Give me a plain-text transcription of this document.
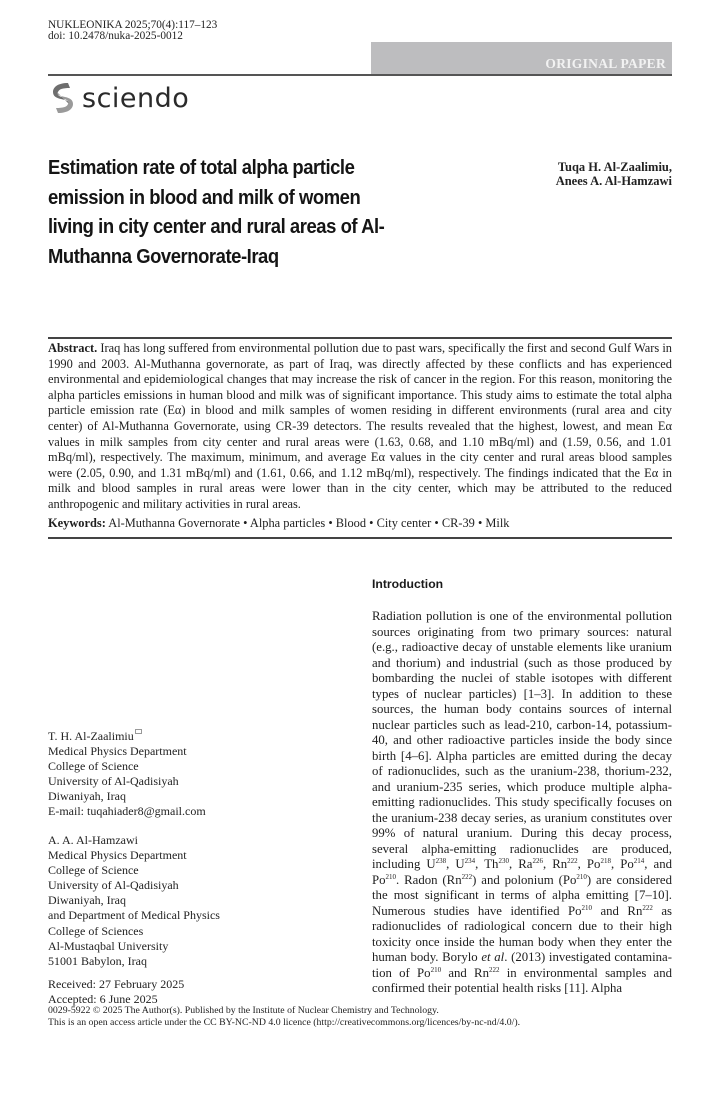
NUKLEONIKA 2025;70(4):117–123
doi: 10.2478/nuka-2025-0012
ORIGINAL PAPER
sciendo
Estimation rate of total alpha particle emission in blood and milk of women living in city center and rural areas of Al-Muthanna Governorate-Iraq
Tuqa H. Al-Zaalimiu,
Anees A. Al-Hamzawi

Abstract. Iraq has long suffered from environmental pollution due to past wars, specifically the first and second Gulf Wars in 1990 and 2003. Al-Muthanna governorate, as part of Iraq, was directly affected by these conflicts and has experienced environmental and epidemiological changes that may increase the risk of cancer in the region. For this reason, monitoring the alpha particles emissions in human blood and milk was of significant importance. This study aims to estimate the total alpha particle emission rate (Eα) in blood and milk samples of women residing in different environments (rural area and city center) of Al-Muthanna Governorate, using CR-39 detectors. The results revealed that the highest, lowest, and mean Eα values in milk samples from city center and rural areas were (1.63, 0.68, and 1.10 mBq/ml) and (1.59, 0.56, and 1.01 mBq/ml), respectively. The maximum, minimum, and average Eα values in the city center and rural areas blood samples were (2.05, 0.90, and 1.31 mBq/ml) and (1.61, 0.66, and 1.12 mBq/ml), respectively. The findings indicated that the Eα in milk and blood samples in rural areas were lower than in the city center, which may be attributed to the reduced anthropogenic and military activities in rural areas.

Keywords: Al-Muthanna Governorate • Alpha particles • Blood • City center • CR-39 • Milk

T. H. Al-Zaalimiu
Medical Physics Department
College of Science
University of Al-Qadisiyah
Diwaniyah, Iraq
E-mail: tuqahiader8@gmail.com
A. A. Al-Hamzawi
Medical Physics Department
College of Science
University of Al-Qadisiyah
Diwaniyah, Iraq
and Department of Medical Physics
College of Sciences
Al-Mustaqbal University
51001 Babylon, Iraq
Received: 27 February 2025
Accepted: 6 June 2025
Introduction

Radiation pollution is one of the environmental pollution sources originating from two primary sources: natural (e.g., radioactive decay of unstable elements like uranium and thorium) and industrial (such as those produced by bombarding the nuclei of stable isotopes with different types of nuclear particles) [1–3]. In addition to these sources, the human body contains sources of internal nuclear particles such as lead-210, carbon-14, potassium-40, and other radioactive particles inside the body since birth [4–6]. Alpha particles are emitted during the decay of radionuclides, such as the uranium-238, thorium-232, and uranium-235 series, which produce multiple alpha-emitting radionuclides. This study specifically focuses on the uranium-238 decay series, as uranium constitutes over 99% of natural uranium. During this decay process, several alpha-emitting radionuclides are produced, including $U^{238}$, $U^{234}$, Th$^{230}$, Ra$^{226}$, Rn$^{222}$, Po$^{218}$, Po$^{214}$, and Po$^{210}$. Radon (Rn$^{222}$) and polonium (Po$^{210}$) are considered the most significant in terms of alpha emitting [7–10]. Numerous studies have identified Po$^{210}$ and Rn$^{222}$ as radionuclides of radiological concern due to their high toxicity once inside the human body when they enter the human body. Borylo et al. (2013) investigated contamination of Po$^{210}$ and Rn$^{222}$ in environmental samples and confirmed their potential health risks [11]. Alpha

0029-5922 © 2025 The Author(s). Published by the Institute of Nuclear Chemistry and Technology.
This is an open access article under the CC BY-NC-ND 4.0 licence (http://creativecommons.org/licences/by-nc-nd/4.0/).
